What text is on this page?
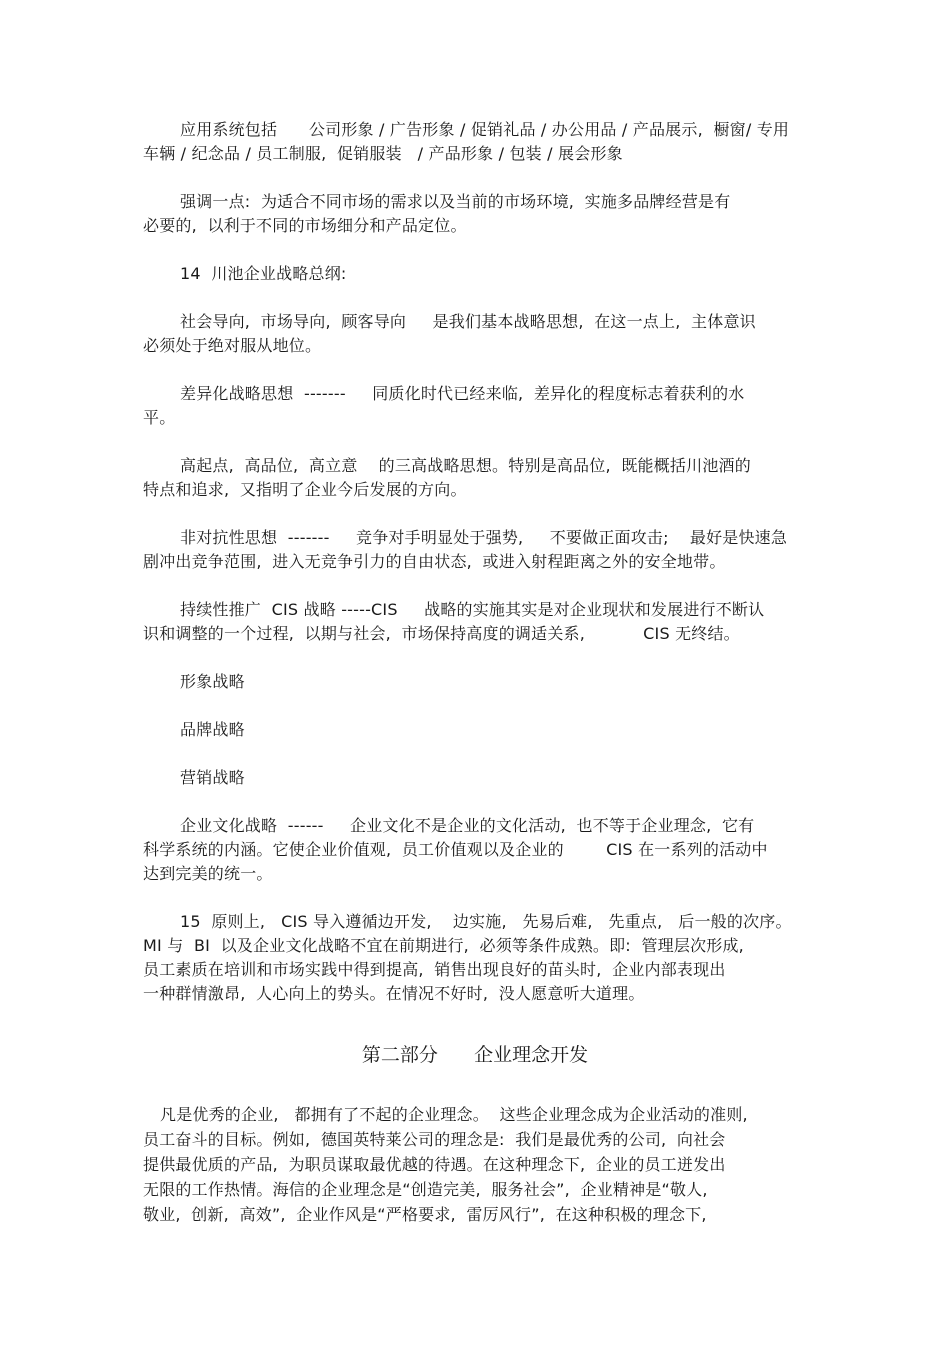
应用系统包括      公司形象 / 广告形象 / 促销礼品 / 办公用品 / 产品展示,  橱窗/ 专用
车辆 / 纪念品 / 员工制服,  促销服装   / 产品形象 / 包装 / 展会形象
强调一点:  为适合不同市场的需求以及当前的市场环境,  实施多品牌经营是有
必要的,  以利于不同的市场细分和产品定位。
14  川池企业战略总纲:
社会导向,  市场导向,  顾客导向     是我们基本战略思想,  在这一点上,  主体意识
必须处于绝对服从地位。
差异化战略思想  -------     同质化时代已经来临,  差异化的程度标志着获利的水
平。
高起点,  高品位,  高立意    的三高战略思想。特别是高品位,  既能概括川池酒的
特点和追求,  又指明了企业今后发展的方向。
非对抗性思想  -------     竞争对手明显处于强势,     不要做正面攻击;    最好是快速急
剧冲出竞争范围,  进入无竞争引力的自由状态,  或进入射程距离之外的安全地带。
持续性推广  CIS 战略 -----CIS     战略的实施其实是对企业现状和发展进行不断认
识和调整的一个过程,  以期与社会,  市场保持高度的调适关系,           CIS 无终结。
形象战略
品牌战略
营销战略
企业文化战略  ------     企业文化不是企业的文化活动,  也不等于企业理念,  它有
科学系统的内涵。它使企业价值观,  员工价值观以及企业的        CIS 在一系列的活动中
达到完美的统一。
15  原则上,   CIS 导入遵循边开发,    边实施,   先易后难,   先重点,   后一般的次序。
MI 与  BI  以及企业文化战略不宜在前期进行,  必须等条件成熟。即:  管理层次形成,
员工素质在培训和市场实践中得到提高,  销售出现良好的苗头时,  企业内部表现出
一种群情激昂,  人心向上的势头。在情况不好时,  没人愿意听大道理。
第二部分      企业理念开发
凡是优秀的企业,   都拥有了不起的企业理念。  这些企业理念成为企业活动的准则,
员工奋斗的目标。例如,  德国英特莱公司的理念是:  我们是最优秀的公司,  向社会
提供最优质的产品,  为职员谋取最优越的待遇。在这种理念下,  企业的员工迸发出
无限的工作热情。海信的企业理念是“创造完美,  服务社会”,  企业精神是“敬人,
敬业,  创新,  高效”,  企业作风是“严格要求,  雷厉风行”,  在这种积极的理念下,
